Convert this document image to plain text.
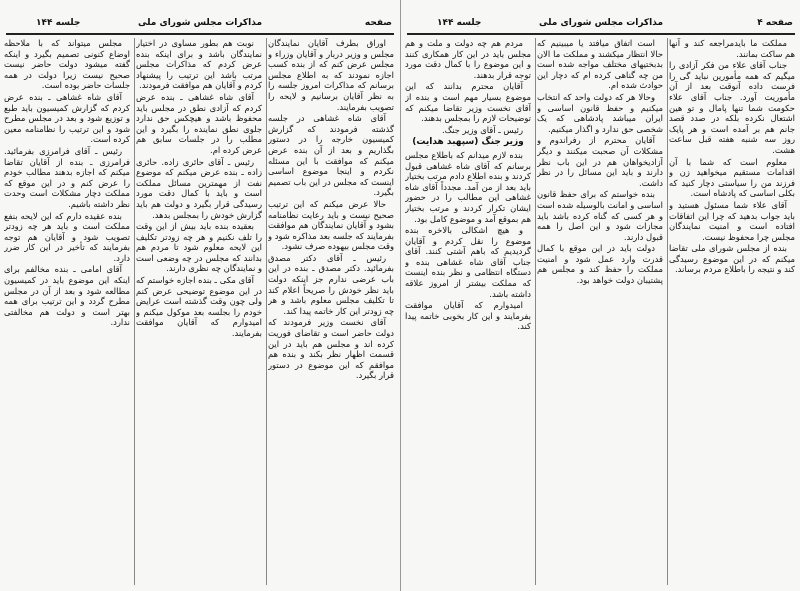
صفحه
مذاکرات مجلس شورای ملی
جلسه ۱۴۴

اوراق بطرف آقایان نمایندگان مجلس و وزیر دربار و آقایان وزراء و مجلس عرض کنم که از بنده کسب اجازه نمودند که به اطلاع مجلس برسانم که مذاکرات امروز جلسه را به نظر آقایان برسانیم و لایحه را تصویب بفرمایند.

آقای شاه غشاهی در جلسه گذشته فرمودند که گزارش کمیسیون خارجه را در دستور بگذاریم و بعد از آن بنده عرض میکنم که موافقت با این مسئله نکردم و اینجا موضوع اساسی اینست که مجلس در این باب تصمیم بگیرد.

حالا عرض میکنم که این ترتیب صحیح نیست و باید رعایت نظامنامه بشود و آقایان نمایندگان هم موافقت بفرمایند که جلسه بعد مذاکره شود و وقت مجلس بیهوده صرف نشود.

رئیس ـ آقای دکتر مصدق بفرمائید. دکتر مصدق ـ بنده در این باب عرضی ندارم جز اینکه دولت باید نظر خودش را صریحاً اعلام کند تا تکلیف مجلس معلوم باشد و هر چه زودتر این کار خاتمه پیدا کند.

آقای نخست وزیر فرمودند که دولت حاضر است و تقاضای فوریت کرده اند و مجلس هم باید در این قسمت اظهار نظر بکند و بنده هم موافقم که این موضوع در دستور قرار بگیرد.

نوبت هم بطور مساوی در اختیار نمایندگان باشد و برای اینکه بنده عرض کردم که مذاکرات مجلس مرتب باشد این ترتیب را پیشنهاد کردم و آقایان هم موافقت فرمودند.

آقای شاه غشاهی ـ بنده عرض کردم که آزادی نطق در مجلس باید محفوظ باشد و هیچکس حق ندارد جلوی نطق نماینده را بگیرد و این مطلب را در جلسات سابق هم عرض کرده ام.

رئیس ـ آقای حائری زاده. حائری زاده ـ بنده عرض میکنم که موضوع نفت از مهمترین مسائل مملکت است و باید با کمال دقت مورد رسیدگی قرار بگیرد و دولت هم باید گزارش خودش را بمجلس بدهد.

بعقیده بنده باید بیش از این وقت را تلف نکنیم و هر چه زودتر تکلیف این لایحه معلوم شود تا مردم هم بدانند که مجلس در چه وضعی است و نمایندگان چه نظری دارند.

آقای مکی ـ بنده اجازه خواستم که در این موضوع توضیحی عرض کنم ولی چون وقت گذشته است عرایض خودم را بجلسه بعد موکول میکنم و امیدوارم که آقایان موافقت بفرمایند.

مجلس میتواند که با ملاحظه اوضاع کنونی تصمیم بگیرد و اینکه گفته میشود دولت حاضر نیست صحیح نیست زیرا دولت در همه جلسات حاضر بوده است.

آقای شاه غشاهی ـ بنده عرض کردم که گزارش کمیسیون باید طبع و توزیع شود و بعد در مجلس مطرح شود و این ترتیب را نظامنامه معین کرده است.

رئیس ـ آقای فرامرزی بفرمائید. فرامرزی ـ بنده از آقایان تقاضا میکنم که اجازه بدهند مطالب خودم را عرض کنم و در این موقع که مملکت دچار مشکلات است وحدت نظر داشته باشیم.

بنده عقیده دارم که این لایحه بنفع مملکت است و باید هر چه زودتر تصویب شود و آقایان هم توجه بفرمایند که تأخیر در این کار ضرر دارد.

آقای امامی ـ بنده مخالفم برای اینکه این موضوع باید در کمیسیون مطالعه شود و بعد از آن در مجلس مطرح گردد و این ترتیب برای همه بهتر است و دولت هم مخالفتی ندارد.

صفحه ۴
مذاکرات مجلس شورای ملی
جلسه ۱۴۴

مملکت ما بایدمراجعه کند و آنها هم ساکت بمانند.

جناب آقای علاء من فکر آزادی را میگیم که همه مأمورین نباید گی را فرست داده آنوقت بعد از آن مأموریت آورد. جناب آقای علاء حکومت شما تنها پامال و تو هین اشتعال نکرده بلکه در صدد قصد جانم هم بر آمده است و هر پایک روز سه شنبه هفته قبل ساعت هشت.

معلوم است که شما با آن اقدامات مستقیم میخواهید زن و فرزند من را سیاستی دچار کنید که بکلی اساسی که پادشاه است.

آقای علاء شما مسئول هستید و باید جواب بدهید که چرا این اتفاقات افتاده است و امنیت نمایندگان مجلس چرا محفوظ نیست.

بنده از مجلس شورای ملی تقاضا میکنم که در این موضوع رسیدگی کند و نتیجه را باطلاع مردم برساند.

است اتفاق میافتد یا میبینیم که حالا انتظار میکشند و مملکت ما الان بدبختیهای مختلف مواجه شده است من چه گناهی کرده ام که دچار این حوادث شده ام.

وحالا هر که دولت واحد که انتخاب میکنیم و حفظ قانون اساسی و ایران میباشد پادشاهی که یک شخصی حق ندارد و اگذار میکنیم.

آقایان محترم از رفراندوم و مشکلات آن صحبت میکنند و دیگر آزادیخواهان هم در این باب نظر دارند و باید این مسائل را در نظر داشت.

بنده خواستم که برای حفظ قانون اساسی و امانت بالوسیله شده است و هر کسی که گناه کرده باشد باید مجازات شود و این اصل را همه قبول دارند.

دولت باید در این موقع با کمال قدرت وارد عمل شود و امنیت مملکت را حفظ کند و مجلس هم پشتیبان دولت خواهد بود.

مردم هم چه دولت و ملت و هم مجلس باید در این کار همکاری کنند و این موضوع را با کمال دقت مورد توجه قرار بدهند.

آقایان محترم بدانند که این موضوع بسیار مهم است و بنده از آقای نخست وزیر تقاضا میکنم که توضیحات لازم را بمجلس بدهند.

رئیس ـ آقای وزیر جنگ.

وزیر جنگ (سپهبد هدایت)

بنده لازم میدانم که باطلاع مجلس برسانم که آقای شاه غشاهی قبول کردند و بنده اطلاع دادم مرتب بختیار باید بعد از من آمد. مجدداً آقای شاه غشاهی این مطالب را در حضور ایشان تکرار کردند و مرتب بختیار هم بموقع آمد و موضوع کامل بود.

و هیچ اشکالی بالاخره بنده موضوع را نقل کردم و آقایان گردیدیم که باهم آشتی کنند. آقای جناب آقای شاه غشاهی بنده و دستگاه انتظامی و نظر بنده اینست که مملکت بیشتر از امروز علاقه داشته باشد.

امیدوارم که آقایان موافقت بفرمایند و این کار بخوبی خاتمه پیدا کند.
